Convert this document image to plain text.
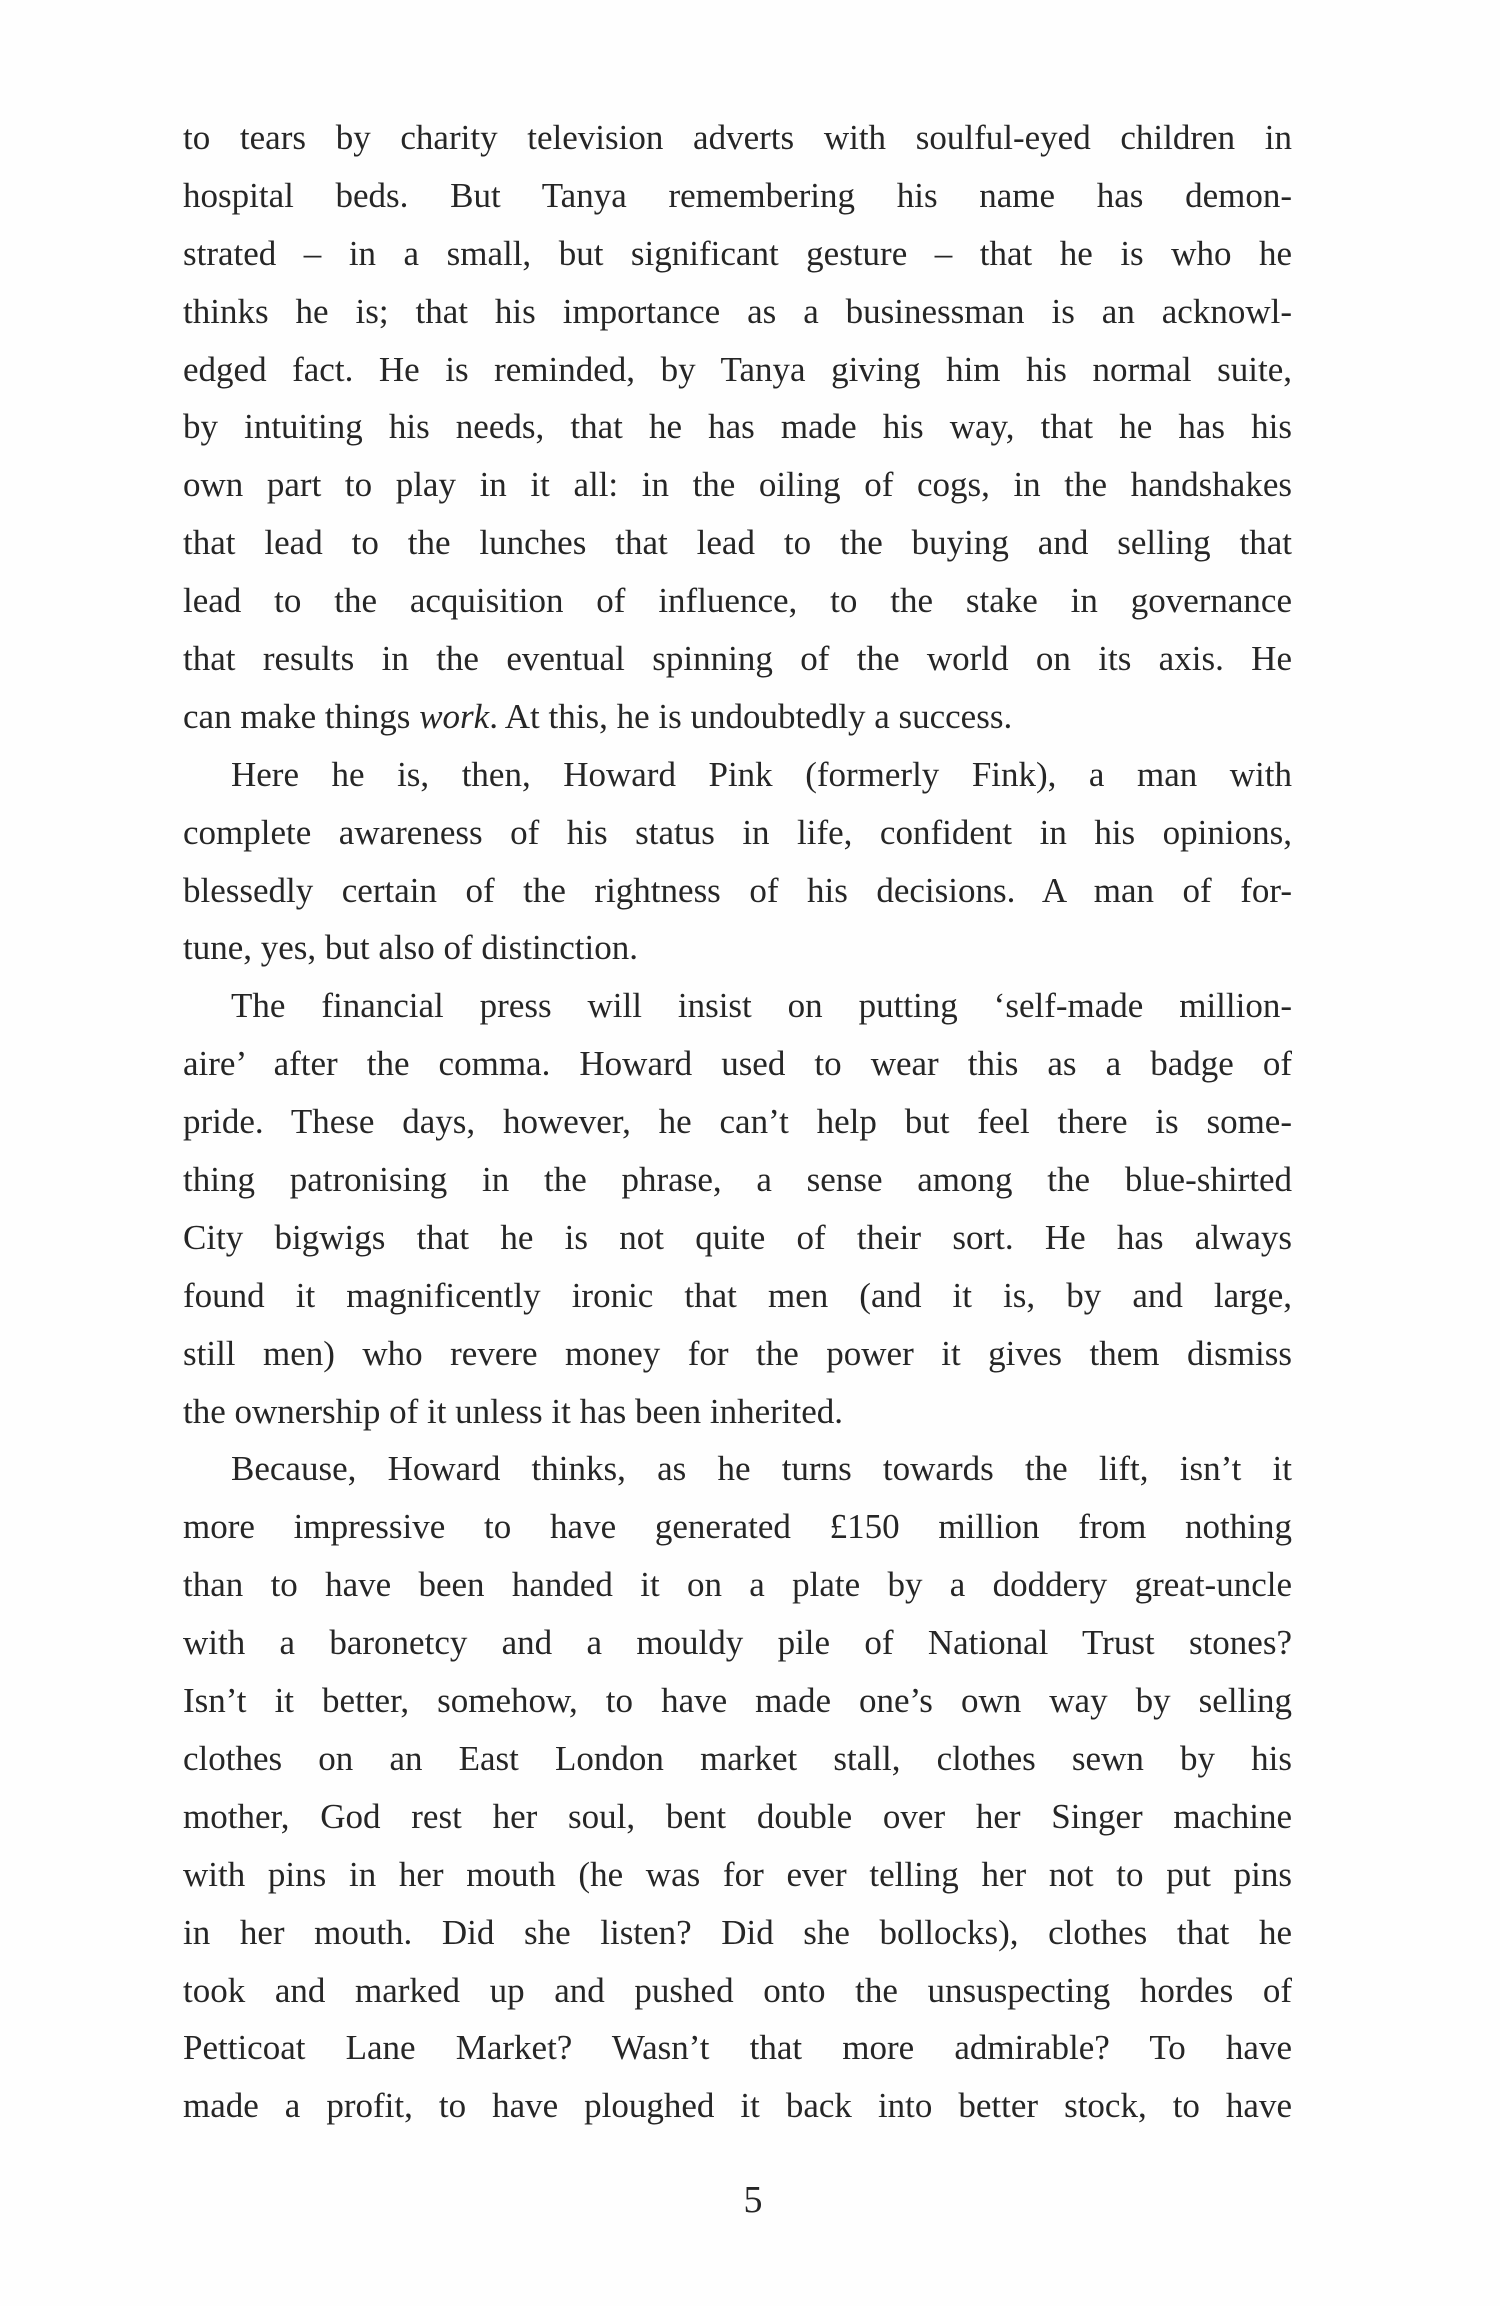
to tears by charity television adverts with soulful-eyed children in
hospital beds. But Tanya remembering his name has demon-
strated – in a small, but significant gesture – that he is who he
thinks he is; that his importance as a businessman is an acknowl-
edged fact. He is reminded, by Tanya giving him his normal suite,
by intuiting his needs, that he has made his way, that he has his
own part to play in it all: in the oiling of cogs, in the handshakes
that lead to the lunches that lead to the buying and selling that
lead to the acquisition of influence, to the stake in governance
that results in the eventual spinning of the world on its axis. He
can make things work. At this, he is undoubtedly a success.
Here he is, then, Howard Pink (formerly Fink), a man with
complete awareness of his status in life, confident in his opinions,
blessedly certain of the rightness of his decisions. A man of for-
tune, yes, but also of distinction.
The financial press will insist on putting ‘self-made million-
aire’ after the comma. Howard used to wear this as a badge of
pride. These days, however, he can’t help but feel there is some-
thing patronising in the phrase, a sense among the blue-shirted
City bigwigs that he is not quite of their sort. He has always
found it magnificently ironic that men (and it is, by and large,
still men) who revere money for the power it gives them dismiss
the ownership of it unless it has been inherited.
Because, Howard thinks, as he turns towards the lift, isn’t it
more impressive to have generated £150 million from nothing
than to have been handed it on a plate by a doddery great-uncle
with a baronetcy and a mouldy pile of National Trust stones?
Isn’t it better, somehow, to have made one’s own way by selling
clothes on an East London market stall, clothes sewn by his
mother, God rest her soul, bent double over her Singer machine
with pins in her mouth (he was for ever telling her not to put pins
in her mouth. Did she listen? Did she bollocks), clothes that he
took and marked up and pushed onto the unsuspecting hordes of
Petticoat Lane Market? Wasn’t that more admirable? To have
made a profit, to have ploughed it back into better stock, to have
5
